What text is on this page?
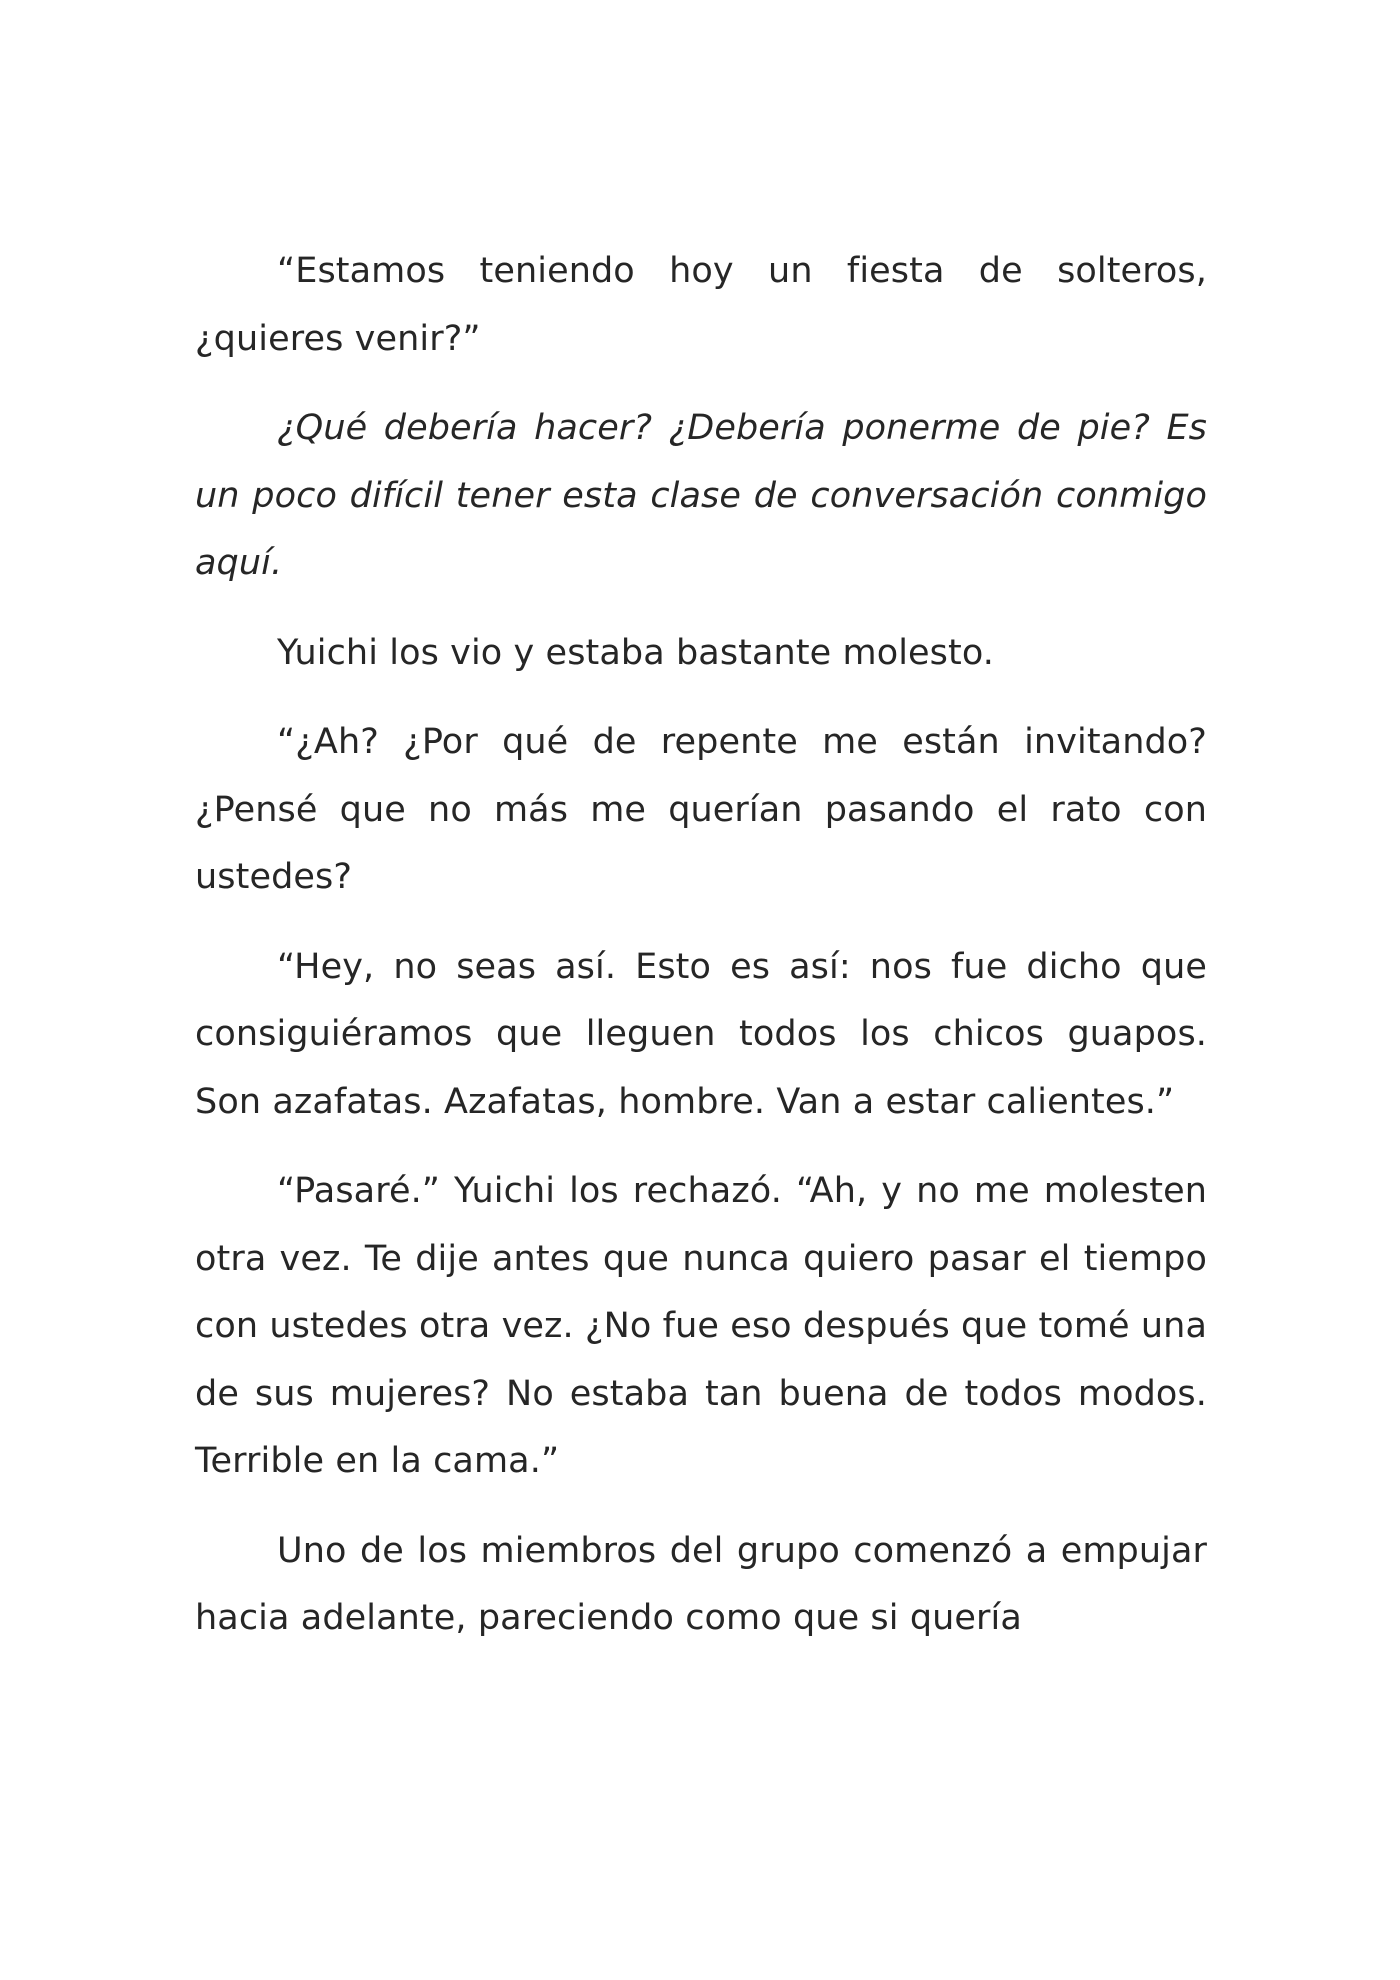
“Estamos teniendo hoy un fiesta de solteros, ¿quieres venir?”

¿Qué debería hacer? ¿Debería ponerme de pie? Es un poco difícil tener esta clase de conversación conmigo aquí.

Yuichi los vio y estaba bastante molesto.

“¿Ah? ¿Por qué de repente me están invitando? ¿Pensé que no más me querían pasando el rato con ustedes?

“Hey, no seas así. Esto es así: nos fue dicho que consiguiéramos que lleguen todos los chicos guapos. Son azafatas. Azafatas, hombre. Van a estar calientes.”

“Pasaré.” Yuichi los rechazó. “Ah, y no me molesten otra vez. Te dije antes que nunca quiero pasar el tiempo con ustedes otra vez. ¿No fue eso después que tomé una de sus mujeres? No estaba tan buena de todos modos. Terrible en la cama.”

Uno de los miembros del grupo comenzó a empujar hacia adelante, pareciendo como que si quería
